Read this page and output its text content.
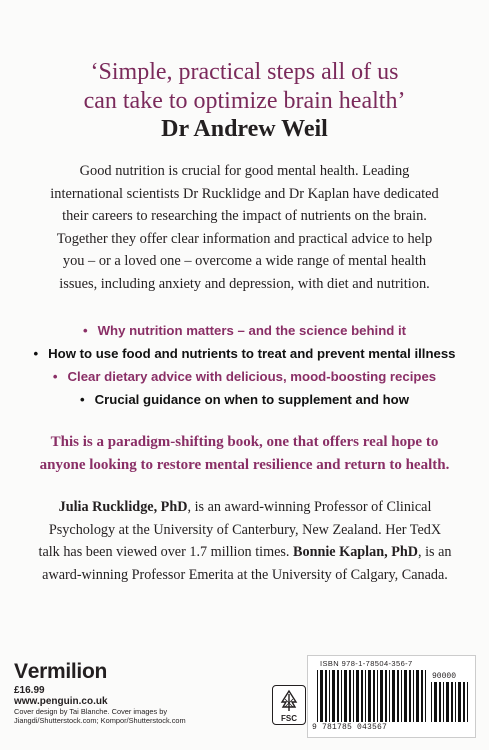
‘Simple, practical steps all of us
can take to optimize brain health’
Dr Andrew Weil
Good nutrition is crucial for good mental health. Leading
international scientists Dr Rucklidge and Dr Kaplan have dedicated
their careers to researching the impact of nutrients on the brain.
Together they offer clear information and practical advice to help
you – or a loved one – overcome a wide range of mental health
issues, including anxiety and depression, with diet and nutrition.
• Why nutrition matters – and the science behind it
• How to use food and nutrients to treat and prevent mental illness
• Clear dietary advice with delicious, mood-boosting recipes
• Crucial guidance on when to supplement and how
This is a paradigm-shifting book, one that offers real hope to
anyone looking to restore mental resilience and return to health.
Julia Rucklidge, PhD, is an award-winning Professor of Clinical
Psychology at the University of Canterbury, New Zealand. Her TedX
talk has been viewed over 1.7 million times. Bonnie Kaplan, PhD, is an
award-winning Professor Emerita at the University of Calgary, Canada.
Vermilion
£16.99
www.penguin.co.uk
Cover design by Tai Blanche. Cover images by
Jiangdi/Shutterstock.com; Kompor/Shutterstock.com	FSC
ISBN 978-1-78504-356-7
90000
9 781785 043567
